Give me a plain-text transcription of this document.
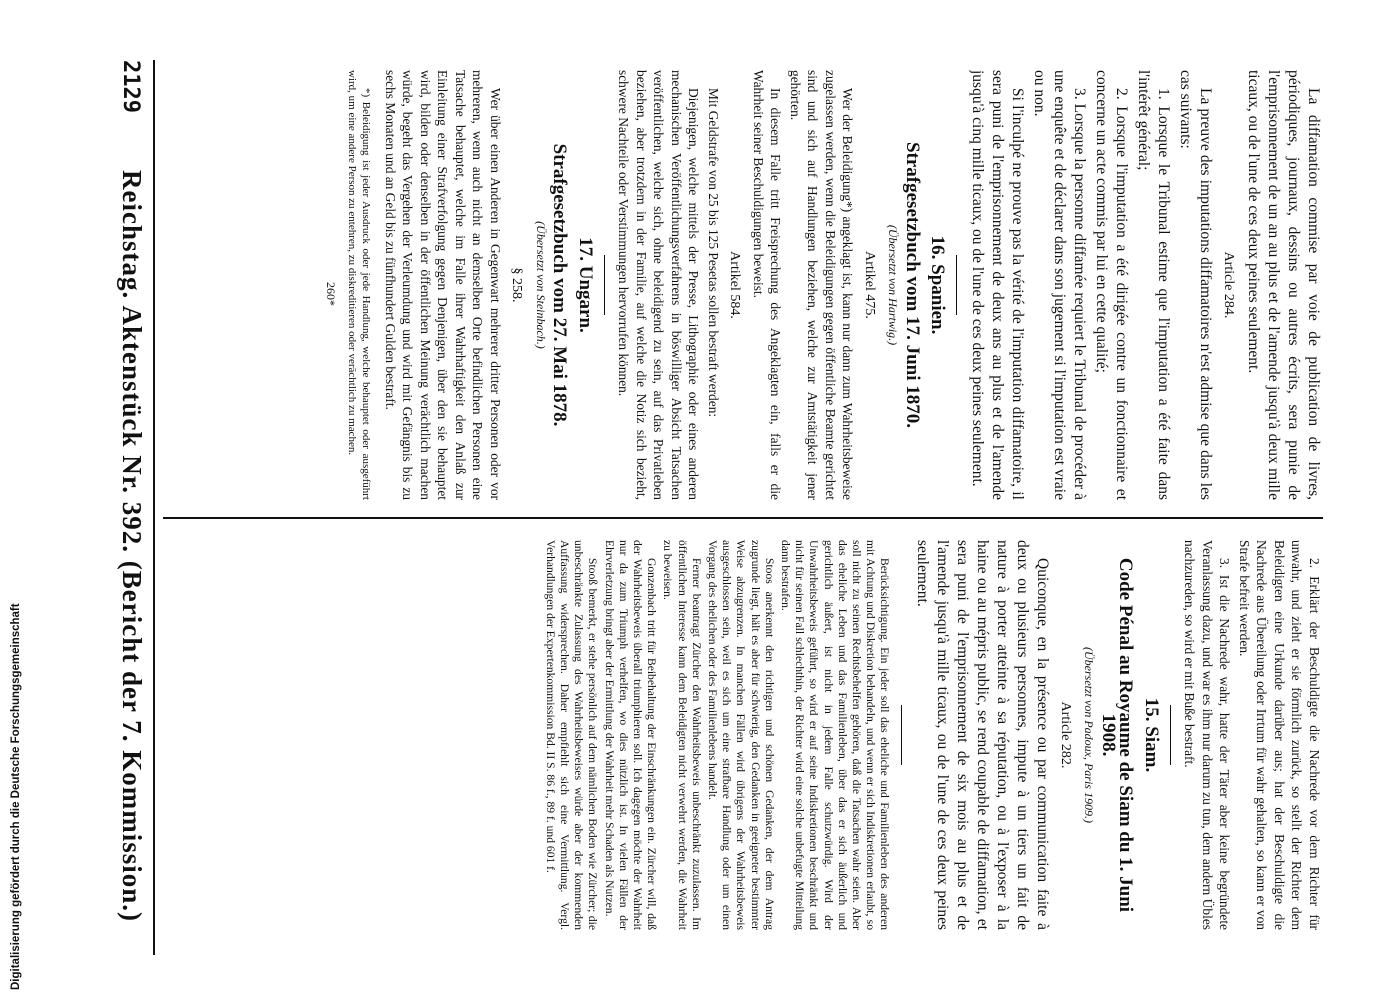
2129
Reichstag. Aktenstück Nr. 392. (Bericht der 7. Kommission.)	La diffamation commise par voie de publication de livres, périodiques, journaux, dessins ou autres écrits, sera punie de l'emprisonnement de un an au plus et de l'amende jusqu'à deux mille ticaux, ou de l'une de ces deux peines seulement.

Article 284.

La preuve des imputations diffamatoires n'est admise que dans les cas suivants:

1. Lorsque le Tribunal estime que l'imputation a été faite dans l'intérêt général;

2. Lorsque l'imputation a été dirigée contre un fonctionnaire et concerne un acte commis par lui en cette qualité;

3. Lorsque la personne diffamée requiert le Tribunal de procéder à une enquête et de déclarer dans son jugement si l'imputation est vraie ou non.

Si l'inculpé ne prouve pas la vérité de l'imputation diffamatoire, il sera puni de l'emprisonnement de deux ans au plus et de l'amende jusqu'à cinq mille ticaux, ou de l'une de ces deux peines seulement.

16. Spanien.

Strafgesetzbuch vom 17. Juni 1870.

(Übersetzt von Hartwig.)

Artikel 475.

Wer der Beleidigung*) angeklagt ist, kann nur dann zum Wahrheitsbeweise zugelassen werden, wenn die Beleidigungen gegen öffentliche Beamte gerichtet sind und sich auf Handlungen beziehen, welche zur Amtstätigkeit jener gehörten.

In diesem Falle tritt Freisprechung des Angeklagten ein, falls er die Wahrheit seiner Beschuldigungen beweist.

Artikel 584.

Mit Geldstrafe von 25 bis 125 Pesetas sollen bestraft werden:

Diejenigen, welche mittels der Presse, Lithographie oder eines anderen mechanischen Veröffentlichungsverfahrens in böswilliger Absicht Tatsachen veröffentlichen, welche sich, ohne beleidigend zu sein, auf das Privatleben beziehen, aber trotzdem in der Familie, auf welche die Notiz sich bezieht, schwere Nachteile oder Verstimmungen hervorrufen können.

17. Ungarn.

Strafgesetzbuch vom 27. Mai 1878.

(Übersetzt von Steinbach.)

§ 258.

Wer über einen Anderen in Gegenwart mehrerer dritter Personen oder vor mehreren, wenn auch nicht an demselben Orte befindlichen Personen eine Tatsache behauptet, welche im Falle ihrer Wahrhaftigkeit den Anlaß zur Einleitung einer Strafverfolgung gegen Denjenigen, über den sie behauptet wird, bilden oder denselben in der öffentlichen Meinung verächtlich machen würde, begeht das Vergehen der Verleumdung und wird mit Gefängnis bis zu sechs Monaten und an Geld bis zu fünfhundert Gulden bestraft.

*) Beleidigung ist jeder Ausdruck oder jede Handlung, welche behauptet oder ausgeführt wird, um eine andere Person zu entehren, zu diskreditieren oder verächtlich zu machen.

260*

2. Erklärt der Beschuldigte die Nachrede vor dem Richter für unwahr, und zieht er sie förmlich zurück, so stellt der Richter dem Beleidigten eine Urkunde darüber aus; hat der Beschuldigte die Nachrede aus Übereilung oder Irrtum für wahr gehalten, so kann er von Strafe befreit werden.

3. Ist die Nachrede wahr, hatte der Täter aber keine begründete Veranlassung dazu, und war es ihm nur darum zu tun, dem andern Übles nachzureden, so wird er mit Buße bestraft.

15. Siam.

Code Pénal au Royaume de Siam du 1. Juni 1908.

(Übersetzt von Padoux, Paris 1909.)

Article 282.

Quiconque, en la présence ou par communication faite à deux ou plusieurs personnes, impute à un tiers un fait de nature à porter atteinte à sa réputation, ou à l'exposer à la haine ou au mépris public, se rend coupable de diffamation, et sera puni de l'emprisonnement de six mois au plus et de l'amende jusqu'à mille ticaux, ou de l'une de ces deux peines seulement.

Berücksichtigung. Ein jeder soll das eheliche und Familienleben des anderen mit Achtung und Diskretion behandeln, und wenn er sich Indiskretionen erlaubt, so soll nicht zu seinen Rechtsbehelfen gehören, daß die Tatsachen wahr seien. Aber das eheliche Leben und das Familienleben, über das er sich äußerlich und gerichtlich äußert, ist nicht in jedem Falle schutzwürdig. Wird der Unwahrheitsbeweis geführt, so wird er auf seine Indiskretionen beschränkt und nicht für seinen Fall schlechthin, der Richter wird eine solche unbefugte Mitteilung dann bestrafen.

Stoos anerkennt den richtigen und schönen Gedanken, der dem Antrag zugrunde liegt, hält es aber für schwierig, den Gedanken in geeigneter bestimmter Weise abzugrenzen. In manchen Fällen wird übrigens der Wahrheitsbeweis ausgeschlossen sein, weil es sich um eine strafbare Handlung oder um einen Vorgang des ehelichen oder des Familienlebens handelt.

Ferner beantragt Zürcher den Wahrheitsbeweis unbeschränkt zuzulassen. Im öffentlichen Interesse kann dem Beleidigten nicht verwehrt werden, die Wahrheit zu beweisen.

Gonzenbach tritt für Beibehaltung der Einschränkungen ein. Zürcher will, daß der Wahrheitsbeweis überall triumphieren soll. Ich dagegen möchte der Wahrheit nur da zum Triumph verhelfen, wo dies nützlich ist. In vielen Fällen der Ehrverletzung bringt aber der Ermittlung der Wahrheit mehr Schaden als Nutzen.

Stooß bemerkt, er stehe persönlich auf dem nämlichen Boden wie Zürcher; die unbeschränkte Zulassung des Wahrheitsbeweises würde aber der kommenden Auffassung widersprechen. Daher empfiehlt sich eine Vermittlung. Vergl. Verhandlungen der Expertenkommission Bd. II S. 86 f., 89 f. und 601 f.

Digitalisierung gefördert durch die Deutsche Forschungsgemeinschaft
